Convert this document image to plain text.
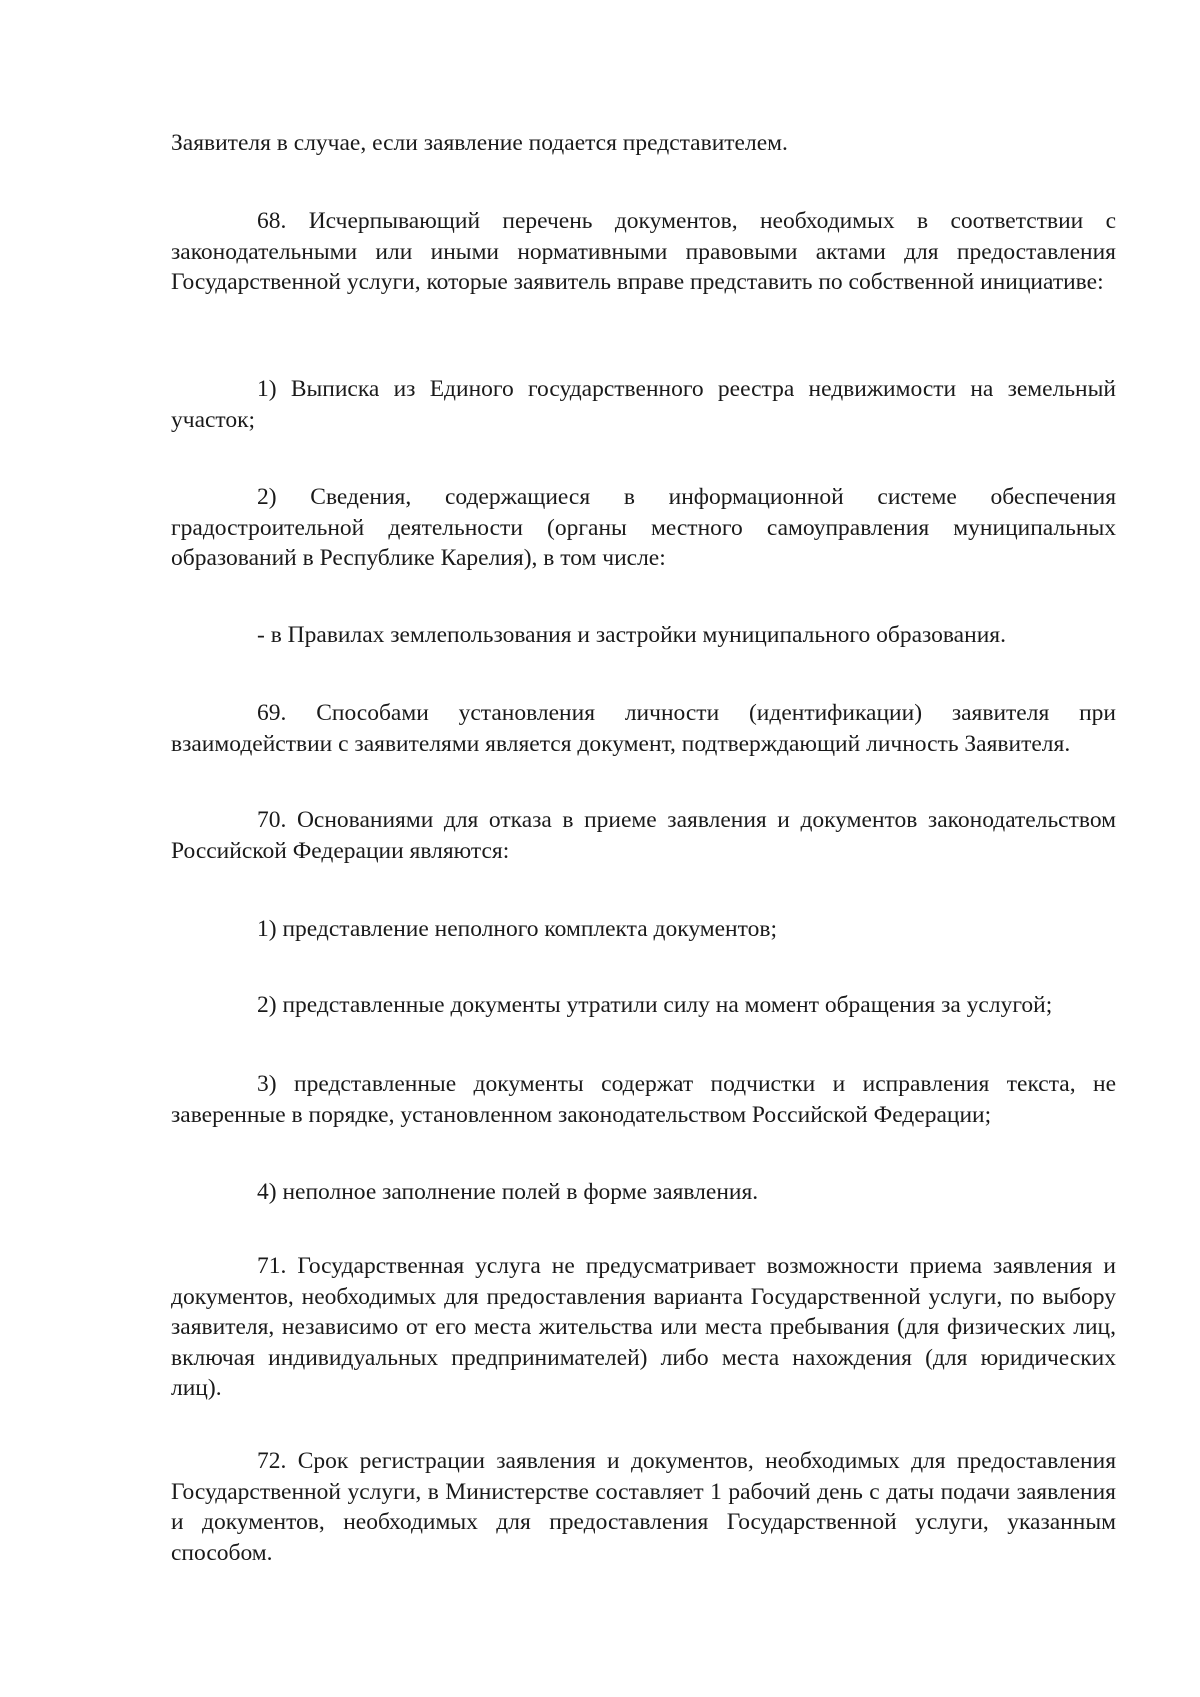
Заявителя в случае, если заявление подается представителем.

68. Исчерпывающий перечень документов, необходимых в соответствии с законодательными или иными нормативными правовыми актами для предоставления Государственной услуги, которые заявитель вправе представить по собственной инициативе:

1) Выписка из Единого государственного реестра недвижимости на земельный участок;

2) Сведения, содержащиеся в информационной системе обеспечения градостроительной деятельности (органы местного самоуправления муниципальных образований в Республике Карелия), в том числе:

- в Правилах землепользования и застройки муниципального образования.

69. Способами установления личности (идентификации) заявителя при взаимодействии с заявителями является документ, подтверждающий личность Заявителя.

70. Основаниями для отказа в приеме заявления и документов законодательством Российской Федерации являются:

1) представление неполного комплекта документов;

2) представленные документы утратили силу на момент обращения за услугой;

3) представленные документы содержат подчистки и исправления текста, не заверенные в порядке, установленном законодательством Российской Федерации;

4) неполное заполнение полей в форме заявления.

71. Государственная услуга не предусматривает возможности приема заявления и документов, необходимых для предоставления варианта Государственной услуги, по выбору заявителя, независимо от его места жительства или места пребывания (для физических лиц, включая индивидуальных предпринимателей) либо места нахождения (для юридических лиц).

72. Срок регистрации заявления и документов, необходимых для предоставления Государственной услуги, в Министерстве составляет 1 рабочий день с даты подачи заявления и документов, необходимых для предоставления Государственной услуги, указанным способом.
